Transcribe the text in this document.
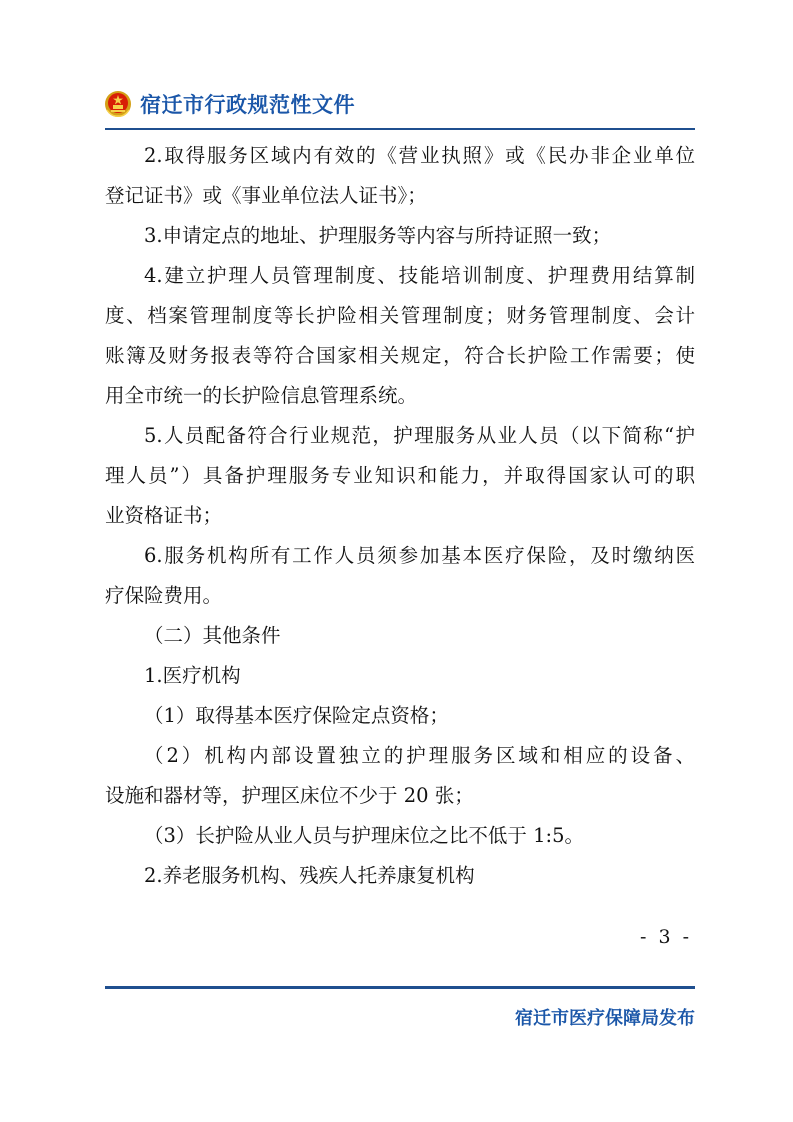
宿迁市行政规范性文件

2.取得服务区域内有效的《营业执照》或《民办非企业单位
登记证书》或《事业单位法人证书》；

3.申请定点的地址、护理服务等内容与所持证照一致；

4.建立护理人员管理制度、技能培训制度、护理费用结算制
度、档案管理制度等长护险相关管理制度；财务管理制度、会计
账簿及财务报表等符合国家相关规定，符合长护险工作需要；使
用全市统一的长护险信息管理系统。

5.人员配备符合行业规范，护理服务从业人员（以下简称“护
理人员”）具备护理服务专业知识和能力，并取得国家认可的职
业资格证书；

6.服务机构所有工作人员须参加基本医疗保险，及时缴纳医
疗保险费用。

（二）其他条件

1.医疗机构

（1）取得基本医疗保险定点资格；

（2）机构内部设置独立的护理服务区域和相应的设备、
设施和器材等，护理区床位不少于 20 张；

（3）长护险从业人员与护理床位之比不低于 1:5。

2.养老服务机构、残疾人托养康复机构

- 3 -
宿迁市医疗保障局发布
